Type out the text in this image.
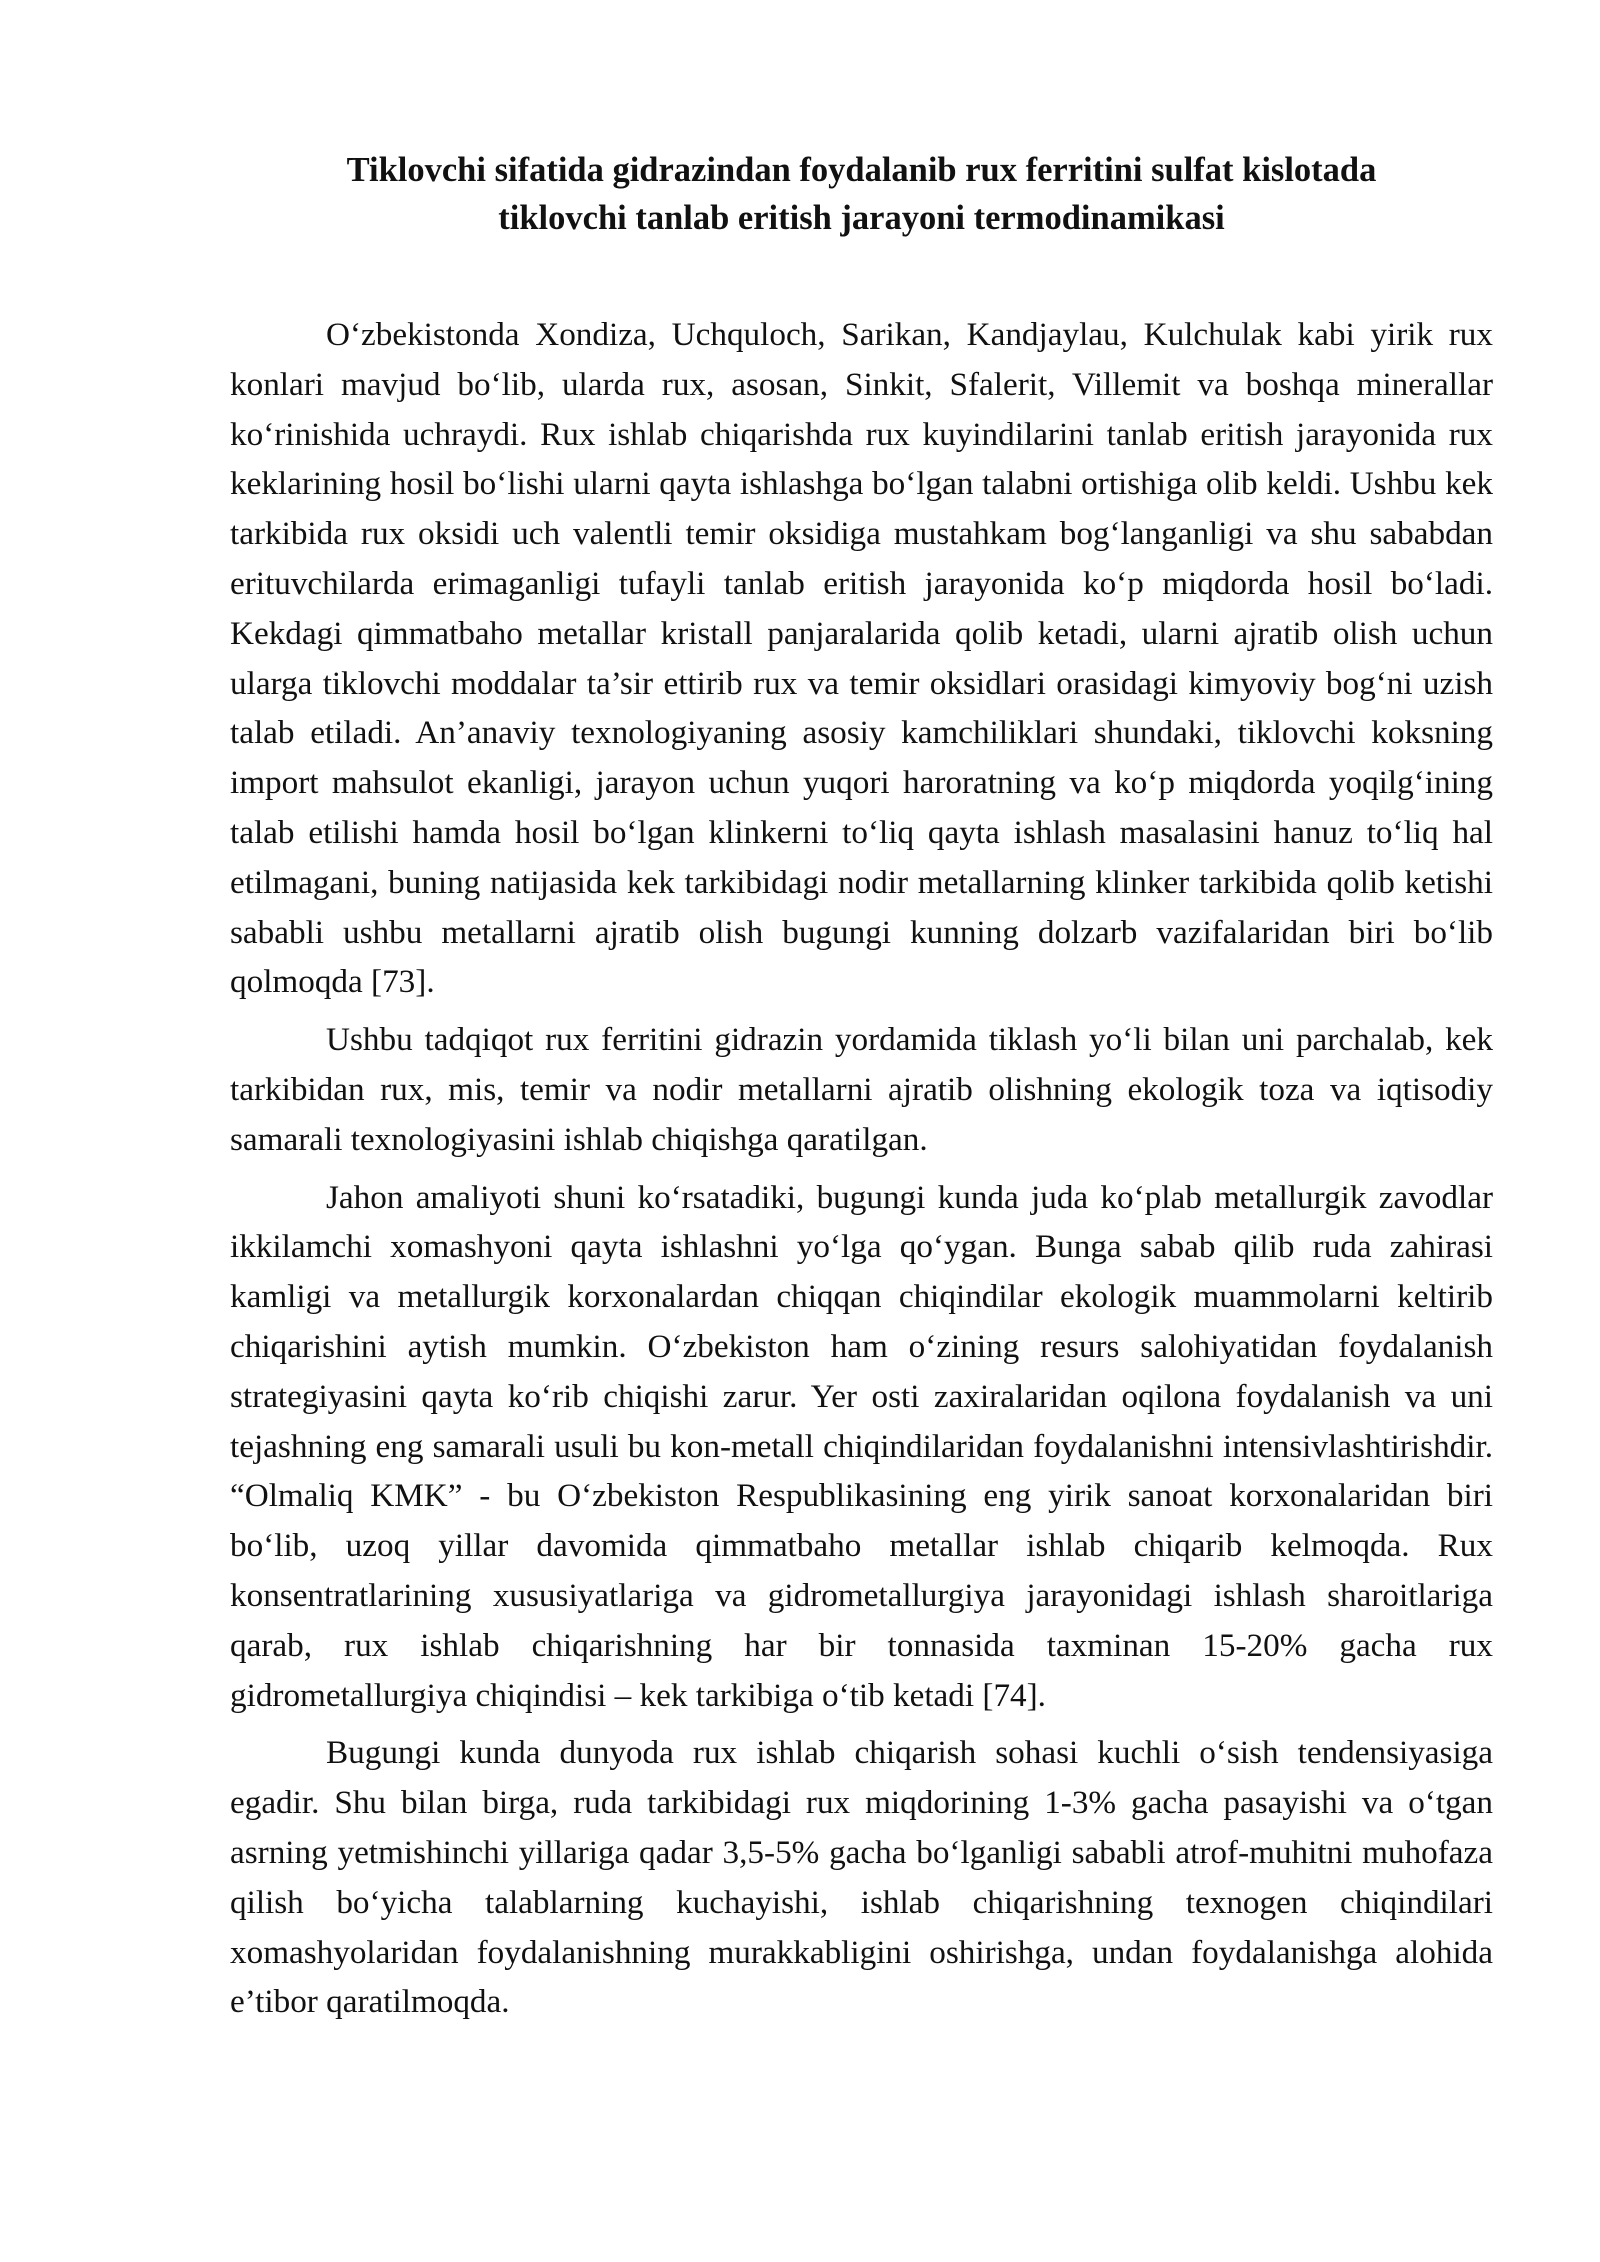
Tiklovchi sifatida gidrazindan foydalanib rux ferritini sulfat kislotada
tiklovchi tanlab eritish jarayoni termodinamikasi

O‘zbekistonda Xondiza, Uchquloch, Sarikan, Kandjaylau, Kulchulak kabi yirik rux konlari mavjud bo‘lib, ularda rux, asosan, Sinkit, Sfalerit, Villemit va boshqa minerallar ko‘rinishida uchraydi. Rux ishlab chiqarishda rux kuyindilarini tanlab eritish jarayonida rux keklarining hosil bo‘lishi ularni qayta ishlashga bo‘lgan talabni ortishiga olib keldi. Ushbu kek tarkibida rux oksidi uch valentli temir oksidiga mustahkam bog‘langanligi va shu sababdan erituvchilarda erimaganligi tufayli tanlab eritish jarayonida ko‘p miqdorda hosil bo‘ladi. Kekdagi qimmatbaho metallar kristall panjaralarida qolib ketadi, ularni ajratib olish uchun ularga tiklovchi moddalar ta’sir ettirib rux va temir oksidlari orasidagi kimyoviy bog‘ni uzish talab etiladi. An’anaviy texnologiyaning asosiy kamchiliklari shundaki, tiklovchi koksning import mahsulot ekanligi, jarayon uchun yuqori haroratning va ko‘p miqdorda yoqilg‘ining talab etilishi hamda hosil bo‘lgan klinkerni to‘liq qayta ishlash masalasini hanuz to‘liq hal etilmagani, buning natijasida kek tarkibidagi nodir metallarning klinker tarkibida qolib ketishi sababli ushbu metallarni ajratib olish bugungi kunning dolzarb vazifalaridan biri bo‘lib qolmoqda [73].

Ushbu tadqiqot rux ferritini gidrazin yordamida tiklash yo‘li bilan uni parchalab, kek tarkibidan rux, mis, temir va nodir metallarni ajratib olishning ekologik toza va iqtisodiy samarali texnologiyasini ishlab chiqishga qaratilgan.

Jahon amaliyoti shuni ko‘rsatadiki, bugungi kunda juda ko‘plab metallurgik zavodlar ikkilamchi xomashyoni qayta ishlashni yo‘lga qo‘ygan. Bunga sabab qilib ruda zahirasi kamligi va metallurgik korxonalardan chiqqan chiqindilar ekologik muammolarni keltirib chiqarishini aytish mumkin. O‘zbekiston ham o‘zining resurs salohiyatidan foydalanish strategiyasini qayta ko‘rib chiqishi zarur. Yer osti zaxiralaridan oqilona foydalanish va uni tejashning eng samarali usuli bu kon-metall chiqindilaridan foydalanishni intensivlashtirishdir. “Olmaliq KMK” - bu O‘zbekiston Respublikasining eng yirik sanoat korxonalaridan biri bo‘lib, uzoq yillar davomida qimmatbaho metallar ishlab chiqarib kelmoqda. Rux konsentratlarining xususiyatlariga va gidrometallurgiya jarayonidagi ishlash sharoitlariga qarab, rux ishlab chiqarishning har bir tonnasida taxminan 15-20% gacha rux gidrometallurgiya chiqindisi – kek tarkibiga o‘tib ketadi [74].

Bugungi kunda dunyoda rux ishlab chiqarish sohasi kuchli o‘sish tendensiyasiga egadir. Shu bilan birga, ruda tarkibidagi rux miqdorining 1-3% gacha pasayishi va o‘tgan asrning yetmishinchi yillariga qadar 3,5-5% gacha bo‘lganligi sababli atrof-muhitni muhofaza qilish bo‘yicha talablarning kuchayishi, ishlab chiqarishning texnogen chiqindilari xomashyolaridan foydalanishning murakkabligini oshirishga, undan foydalanishga alohida e’tibor qaratilmoqda.
